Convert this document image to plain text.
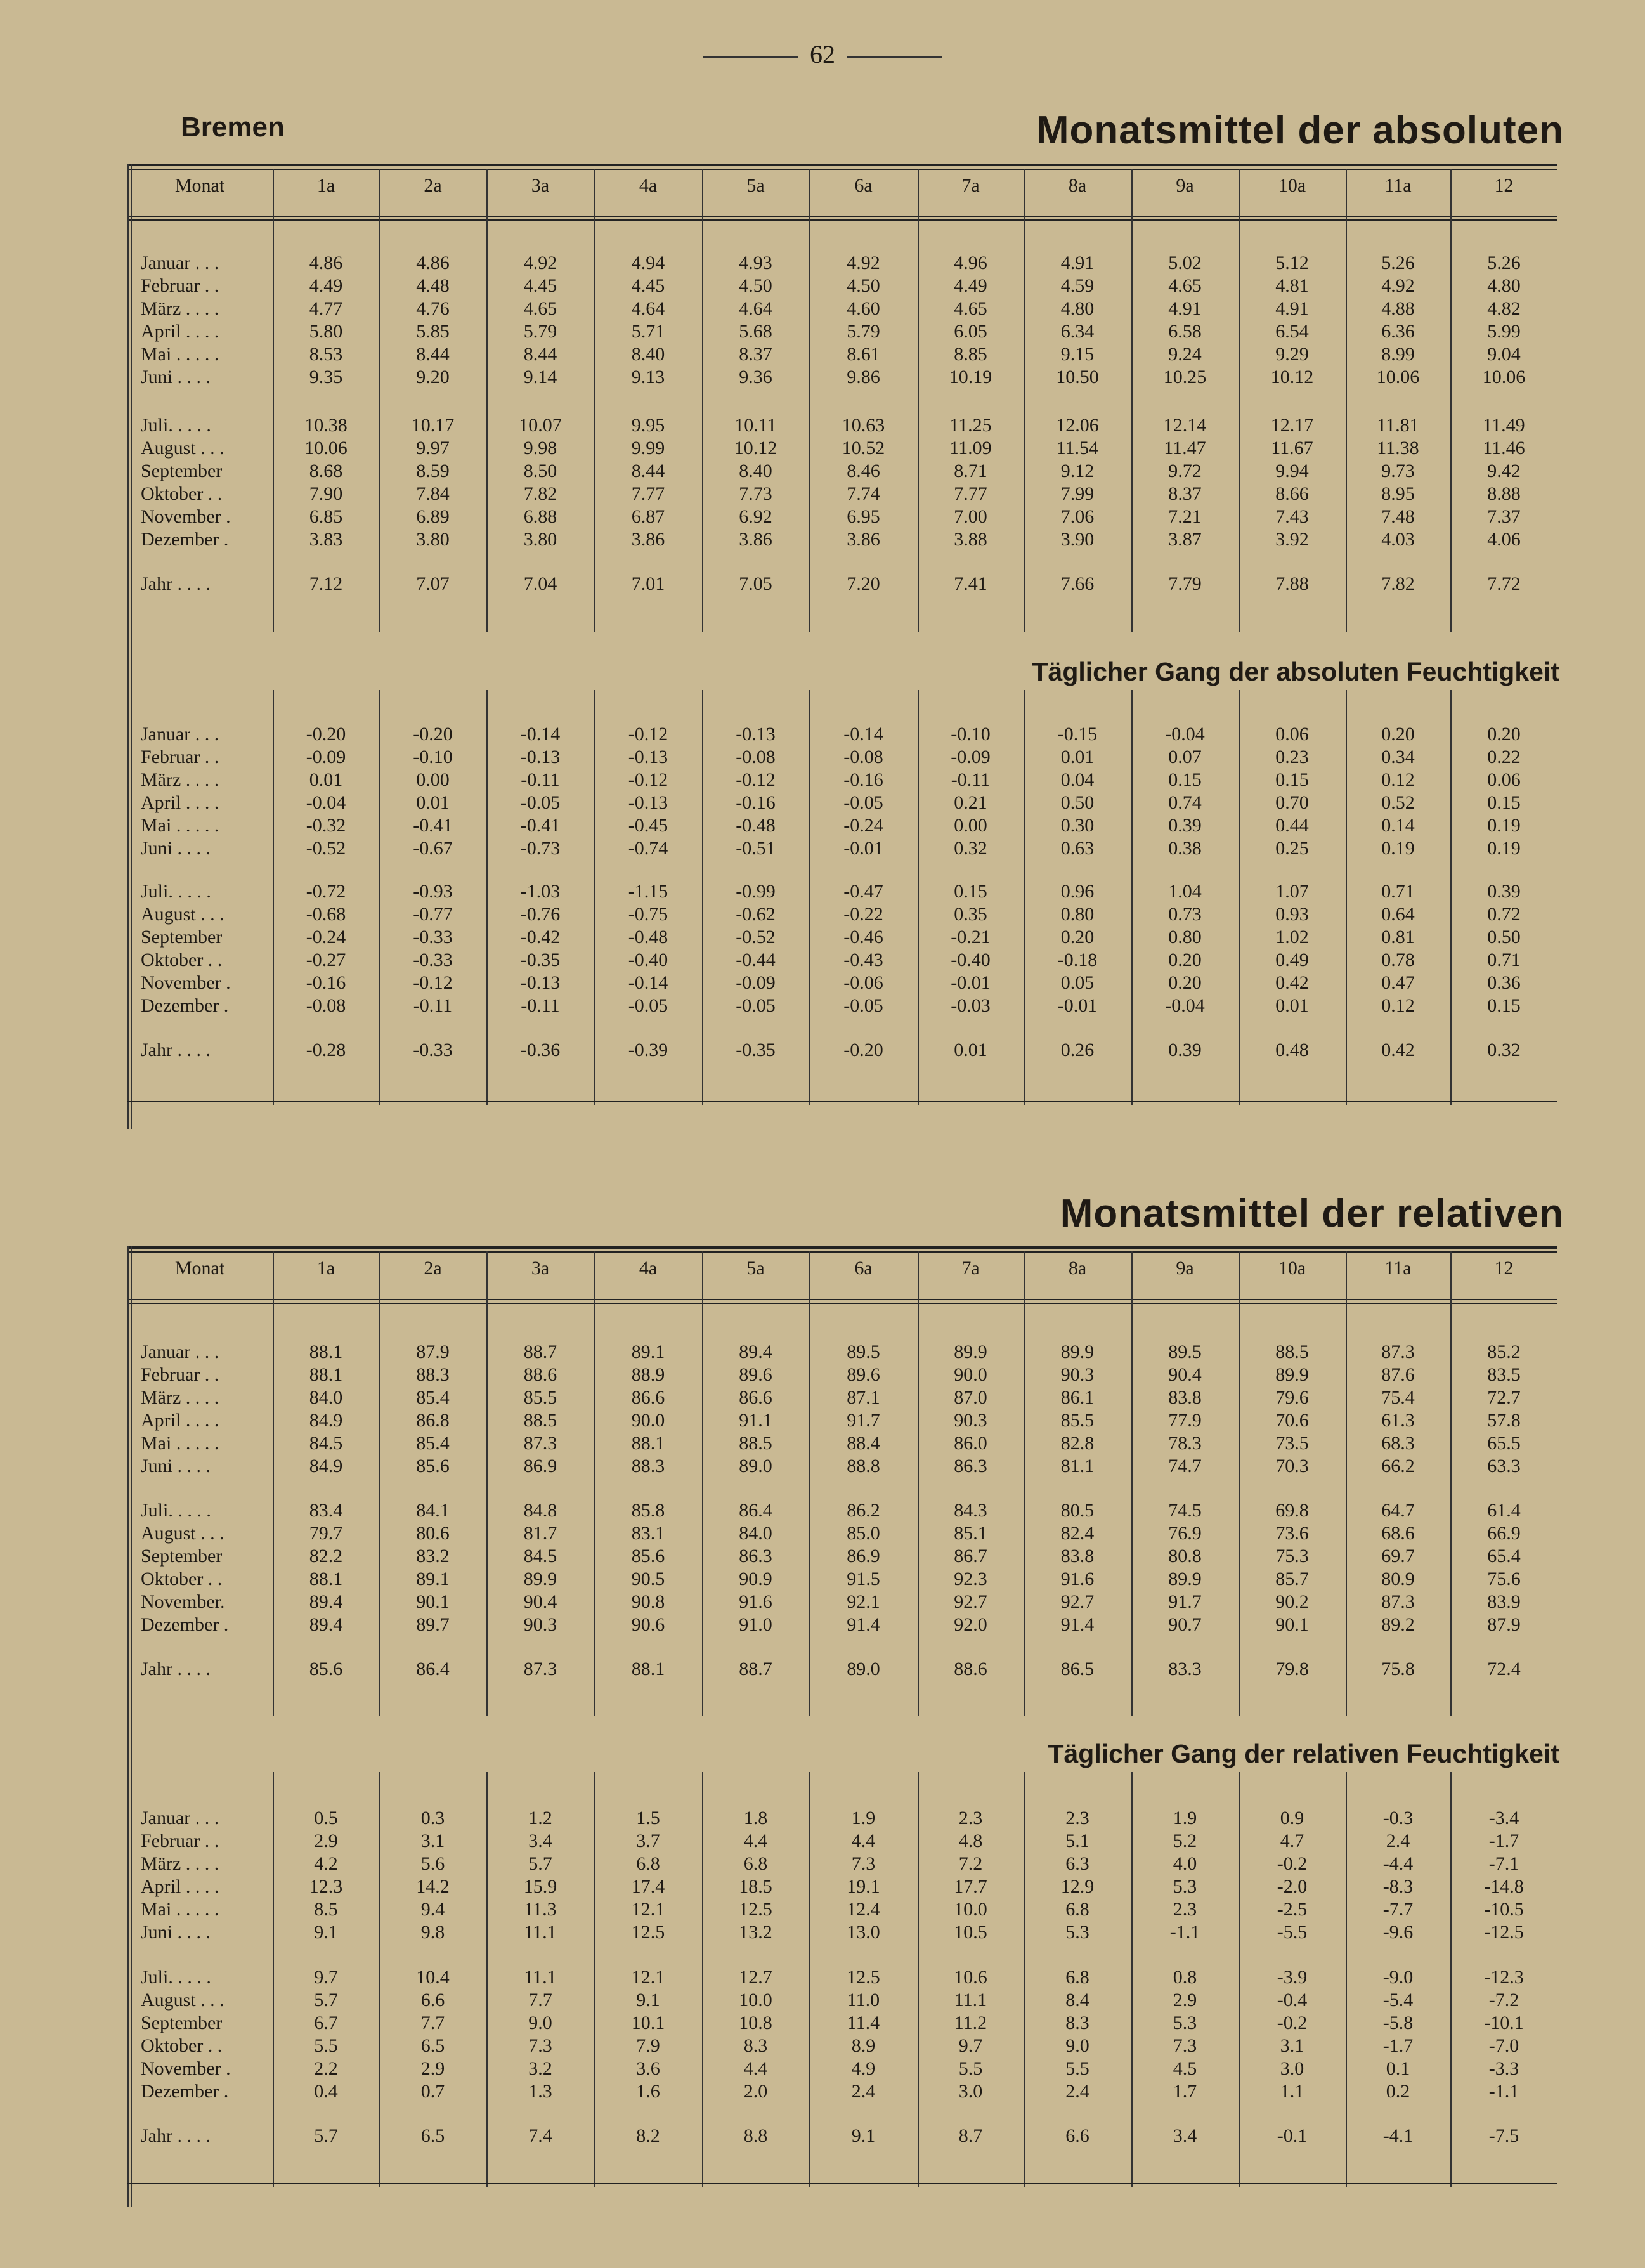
62
Bremen	Monatsmittel der absoluten
Täglicher Gang der absoluten Feuchtigkeit
Monatsmittel der relativen
Täglicher Gang der relativen Feuchtigkeit
Monat	1a	2a	3a	4a	5a	6a	7a	8a	9a	10a	11a	12
Januar . . .	4.86	4.86	4.92	4.94	4.93	4.92	4.96	4.91	5.02	5.12	5.26	5.26
Februar . .	4.49	4.48	4.45	4.45	4.50	4.50	4.49	4.59	4.65	4.81	4.92	4.80
März . . . .	4.77	4.76	4.65	4.64	4.64	4.60	4.65	4.80	4.91	4.91	4.88	4.82
April . . . .	5.80	5.85	5.79	5.71	5.68	5.79	6.05	6.34	6.58	6.54	6.36	5.99
Mai . . . . .	8.53	8.44	8.44	8.40	8.37	8.61	8.85	9.15	9.24	9.29	8.99	9.04
Juni . . . .	9.35	9.20	9.14	9.13	9.36	9.86	10.19	10.50	10.25	10.12	10.06	10.06
Juli. . . . .	10.38	10.17	10.07	9.95	10.11	10.63	11.25	12.06	12.14	12.17	11.81	11.49
August . . .	10.06	9.97	9.98	9.99	10.12	10.52	11.09	11.54	11.47	11.67	11.38	11.46
September	8.68	8.59	8.50	8.44	8.40	8.46	8.71	9.12	9.72	9.94	9.73	9.42
Oktober . .	7.90	7.84	7.82	7.77	7.73	7.74	7.77	7.99	8.37	8.66	8.95	8.88
November .	6.85	6.89	6.88	6.87	6.92	6.95	7.00	7.06	7.21	7.43	7.48	7.37
Dezember .	3.83	3.80	3.80	3.86	3.86	3.86	3.88	3.90	3.87	3.92	4.03	4.06
Jahr . . . .	7.12	7.07	7.04	7.01	7.05	7.20	7.41	7.66	7.79	7.88	7.82	7.72
Januar . . .	-0.20	-0.20	-0.14	-0.12	-0.13	-0.14	-0.10	-0.15	-0.04	0.06	0.20	0.20
Februar . .	-0.09	-0.10	-0.13	-0.13	-0.08	-0.08	-0.09	0.01	0.07	0.23	0.34	0.22
März . . . .	0.01	0.00	-0.11	-0.12	-0.12	-0.16	-0.11	0.04	0.15	0.15	0.12	0.06
April . . . .	-0.04	0.01	-0.05	-0.13	-0.16	-0.05	0.21	0.50	0.74	0.70	0.52	0.15
Mai . . . . .	-0.32	-0.41	-0.41	-0.45	-0.48	-0.24	0.00	0.30	0.39	0.44	0.14	0.19
Juni . . . .	-0.52	-0.67	-0.73	-0.74	-0.51	-0.01	0.32	0.63	0.38	0.25	0.19	0.19
Juli. . . . .	-0.72	-0.93	-1.03	-1.15	-0.99	-0.47	0.15	0.96	1.04	1.07	0.71	0.39
August . . .	-0.68	-0.77	-0.76	-0.75	-0.62	-0.22	0.35	0.80	0.73	0.93	0.64	0.72
September	-0.24	-0.33	-0.42	-0.48	-0.52	-0.46	-0.21	0.20	0.80	1.02	0.81	0.50
Oktober . .	-0.27	-0.33	-0.35	-0.40	-0.44	-0.43	-0.40	-0.18	0.20	0.49	0.78	0.71
November .	-0.16	-0.12	-0.13	-0.14	-0.09	-0.06	-0.01	0.05	0.20	0.42	0.47	0.36
Dezember .	-0.08	-0.11	-0.11	-0.05	-0.05	-0.05	-0.03	-0.01	-0.04	0.01	0.12	0.15
Jahr . . . .	-0.28	-0.33	-0.36	-0.39	-0.35	-0.20	0.01	0.26	0.39	0.48	0.42	0.32
Monat	1a	2a	3a	4a	5a	6a	7a	8a	9a	10a	11a	12
Januar . . .	88.1	87.9	88.7	89.1	89.4	89.5	89.9	89.9	89.5	88.5	87.3	85.2
Februar . .	88.1	88.3	88.6	88.9	89.6	89.6	90.0	90.3	90.4	89.9	87.6	83.5
März . . . .	84.0	85.4	85.5	86.6	86.6	87.1	87.0	86.1	83.8	79.6	75.4	72.7
April . . . .	84.9	86.8	88.5	90.0	91.1	91.7	90.3	85.5	77.9	70.6	61.3	57.8
Mai . . . . .	84.5	85.4	87.3	88.1	88.5	88.4	86.0	82.8	78.3	73.5	68.3	65.5
Juni . . . .	84.9	85.6	86.9	88.3	89.0	88.8	86.3	81.1	74.7	70.3	66.2	63.3
Juli. . . . .	83.4	84.1	84.8	85.8	86.4	86.2	84.3	80.5	74.5	69.8	64.7	61.4
August . . .	79.7	80.6	81.7	83.1	84.0	85.0	85.1	82.4	76.9	73.6	68.6	66.9
September	82.2	83.2	84.5	85.6	86.3	86.9	86.7	83.8	80.8	75.3	69.7	65.4
Oktober . .	88.1	89.1	89.9	90.5	90.9	91.5	92.3	91.6	89.9	85.7	80.9	75.6
November.	89.4	90.1	90.4	90.8	91.6	92.1	92.7	92.7	91.7	90.2	87.3	83.9
Dezember .	89.4	89.7	90.3	90.6	91.0	91.4	92.0	91.4	90.7	90.1	89.2	87.9
Jahr . . . .	85.6	86.4	87.3	88.1	88.7	89.0	88.6	86.5	83.3	79.8	75.8	72.4
Januar . . .	0.5	0.3	1.2	1.5	1.8	1.9	2.3	2.3	1.9	0.9	-0.3	-3.4
Februar . .	2.9	3.1	3.4	3.7	4.4	4.4	4.8	5.1	5.2	4.7	2.4	-1.7
März . . . .	4.2	5.6	5.7	6.8	6.8	7.3	7.2	6.3	4.0	-0.2	-4.4	-7.1
April . . . .	12.3	14.2	15.9	17.4	18.5	19.1	17.7	12.9	5.3	-2.0	-8.3	-14.8
Mai . . . . .	8.5	9.4	11.3	12.1	12.5	12.4	10.0	6.8	2.3	-2.5	-7.7	-10.5
Juni . . . .	9.1	9.8	11.1	12.5	13.2	13.0	10.5	5.3	-1.1	-5.5	-9.6	-12.5
Juli. . . . .	9.7	10.4	11.1	12.1	12.7	12.5	10.6	6.8	0.8	-3.9	-9.0	-12.3
August . . .	5.7	6.6	7.7	9.1	10.0	11.0	11.1	8.4	2.9	-0.4	-5.4	-7.2
September	6.7	7.7	9.0	10.1	10.8	11.4	11.2	8.3	5.3	-0.2	-5.8	-10.1
Oktober . .	5.5	6.5	7.3	7.9	8.3	8.9	9.7	9.0	7.3	3.1	-1.7	-7.0
November .	2.2	2.9	3.2	3.6	4.4	4.9	5.5	5.5	4.5	3.0	0.1	-3.3
Dezember .	0.4	0.7	1.3	1.6	2.0	2.4	3.0	2.4	1.7	1.1	0.2	-1.1
Jahr . . . .	5.7	6.5	7.4	8.2	8.8	9.1	8.7	6.6	3.4	-0.1	-4.1	-7.5
